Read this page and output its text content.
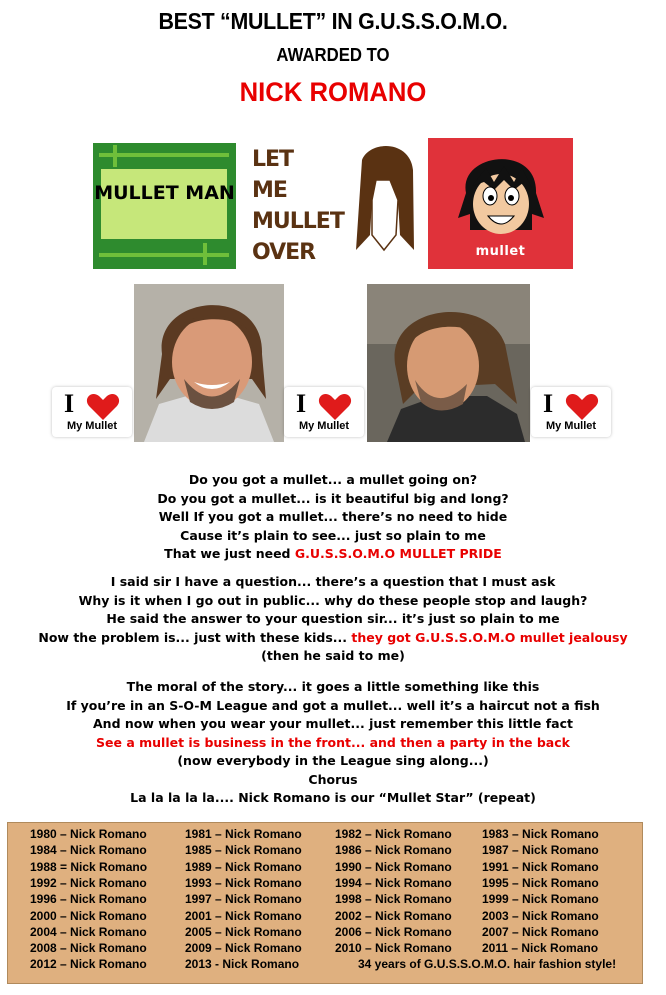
BEST “MULLET” IN G.U.S.S.O.M.O.
AWARDED TO
NICK ROMANO
MULLET MAN
LET ME MULLET OVER	mullet
I
My Mullet
I
My Mullet
I
My Mullet
Do you got a mullet... a mullet going on?
Do you got a mullet... is it beautiful big and long?
Well If you got a mullet... there’s no need to hide
Cause it’s plain to see... just so plain to me
That we just need G.U.S.S.O.M.O MULLET PRIDE
I said sir I have a question... there’s a question that I must ask
Why is it when I go out in public... why do these people stop and laugh?
He said the answer to your question sir... it’s just so plain to me
Now the problem is... just with these kids... they got G.U.S.S.O.M.O mullet jealousy
(then he said to me)
The moral of the story... it goes a little something like this
If you’re in an S-O-M League and got a mullet... well it’s a haircut not a fish
And now when you wear your mullet... just remember this little fact
See a mullet is business in the front... and then a party in the back
(now everybody in the League sing along...)
Chorus
La la la la la.... Nick Romano is our “Mullet Star” (repeat)
1980 – Nick Romano	1981 – Nick Romano	1982 – Nick Romano	1983 – Nick Romano
1984 – Nick Romano	1985 – Nick Romano	1986 – Nick Romano	1987 – Nick Romano
1988 = Nick Romano	1989 – Nick Romano	1990 – Nick Romano	1991 – Nick Romano
1992 – Nick Romano	1993 – Nick Romano	1994 – Nick Romano	1995 – Nick Romano
1996 – Nick Romano	1997 – Nick Romano	1998 – Nick Romano	1999 – Nick Romano
2000 – Nick Romano	2001 – Nick Romano	2002 – Nick Romano	2003 – Nick Romano
2004 – Nick Romano	2005 – Nick Romano	2006 – Nick Romano	2007 – Nick Romano
2008 – Nick Romano	2009 – Nick Romano	2010 – Nick Romano	2011 – Nick Romano
2012 – Nick Romano	2013 - Nick Romano	34 years of G.U.S.S.O.M.O. hair fashion style!
